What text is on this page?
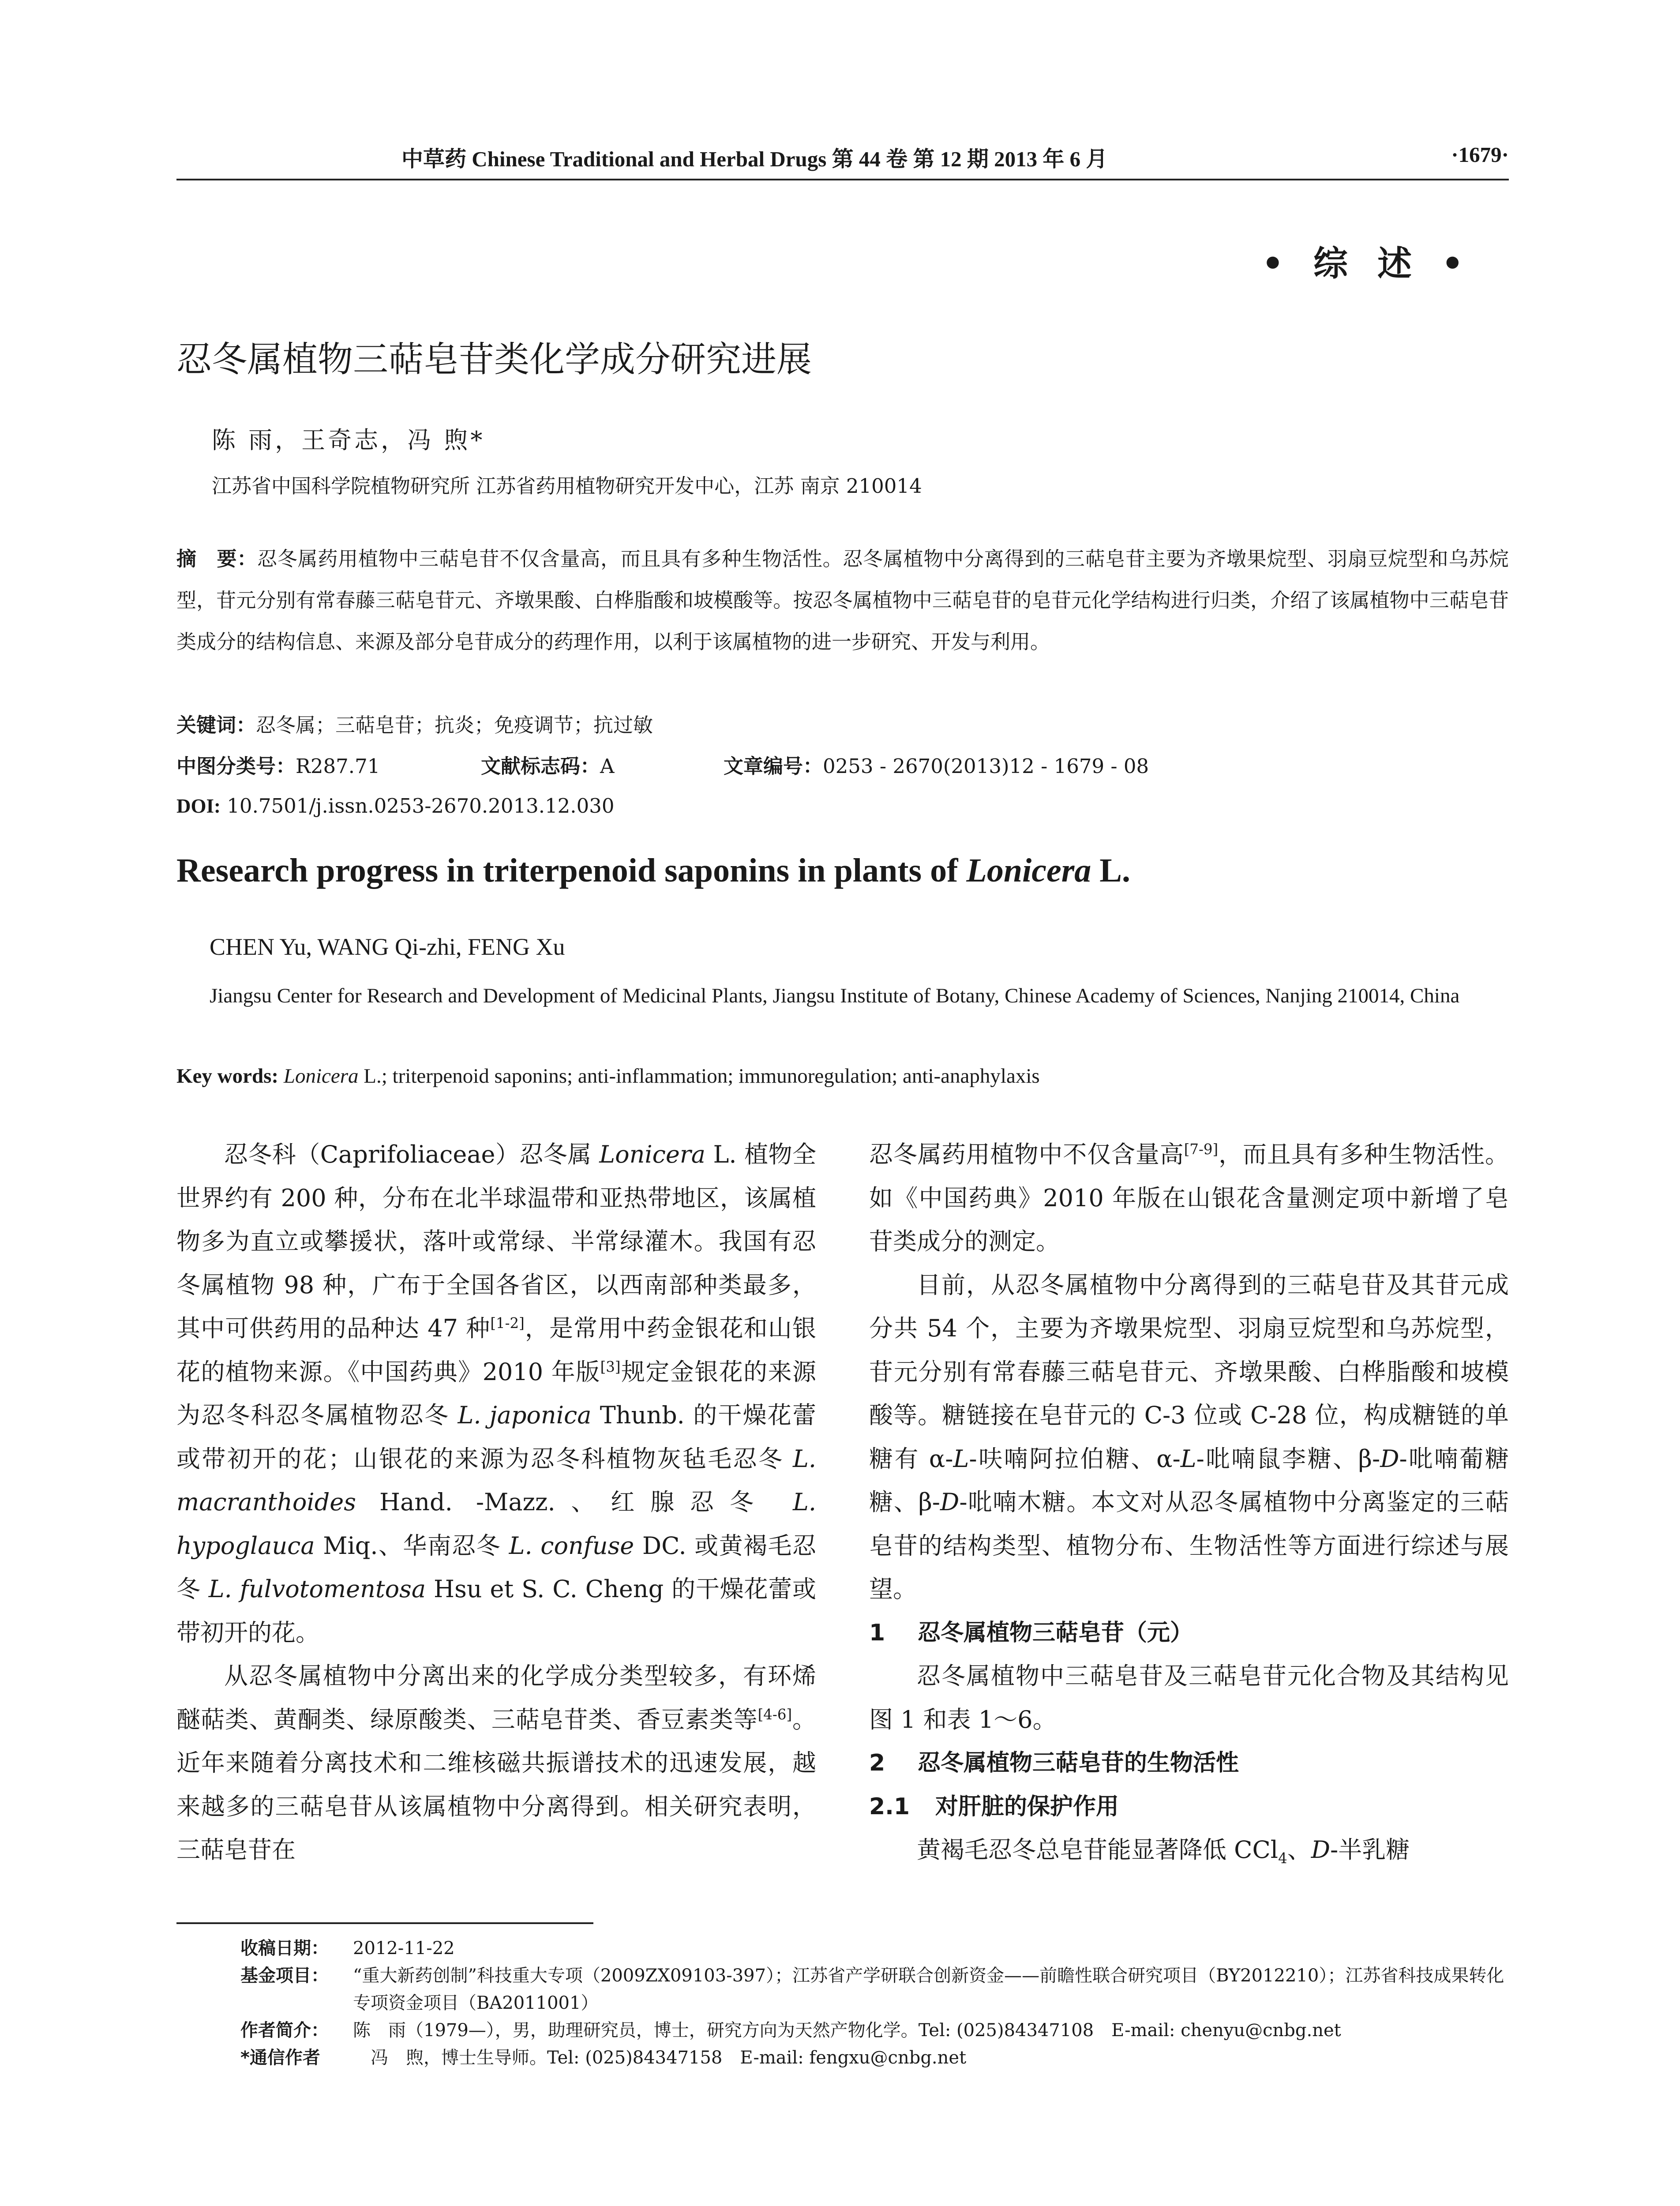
中草药 Chinese Traditional and Herbal Drugs 第 44 卷 第 12 期 2013 年 6 月	·1679·
• 综 述 •
忍冬属植物三萜皂苷类化学成分研究进展
陈 雨，王奇志，冯 煦*
江苏省中国科学院植物研究所 江苏省药用植物研究开发中心，江苏 南京 210014
摘　要：忍冬属药用植物中三萜皂苷不仅含量高，而且具有多种生物活性。忍冬属植物中分离得到的三萜皂苷主要为齐墩果烷型、羽扇豆烷型和乌苏烷型，苷元分别有常春藤三萜皂苷元、齐墩果酸、白桦脂酸和坡模酸等。按忍冬属植物中三萜皂苷的皂苷元化学结构进行归类，介绍了该属植物中三萜皂苷类成分的结构信息、来源及部分皂苷成分的药理作用，以利于该属植物的进一步研究、开发与利用。
关键词：忍冬属；三萜皂苷；抗炎；免疫调节；抗过敏
中图分类号：R287.71	文献标志码：A	文章编号：0253 - 2670(2013)12 - 1679 - 08
DOI: 10.7501/j.issn.0253-2670.2013.12.030
Research progress in triterpenoid saponins in plants of Lonicera L.
CHEN Yu, WANG Qi-zhi, FENG Xu
Jiangsu Center for Research and Development of Medicinal Plants, Jiangsu Institute of Botany, Chinese Academy of Sciences, Nanjing 210014, China
Key words: Lonicera L.; triterpenoid saponins; anti-inflammation; immunoregulation; anti-anaphylaxis

忍冬科（Caprifoliaceae）忍冬属 Lonicera L. 植物全世界约有 200 种，分布在北半球温带和亚热带地区，该属植物多为直立或攀援状，落叶或常绿、半常绿灌木。我国有忍冬属植物 98 种，广布于全国各省区，以西南部种类最多，其中可供药用的品种达 47 种[1-2]，是常用中药金银花和山银花的植物来源。《中国药典》2010 年版[3]规定金银花的来源为忍冬科忍冬属植物忍冬 L. japonica Thunb. 的干燥花蕾或带初开的花；山银花的来源为忍冬科植物灰毡毛忍冬 L. macranthoides Hand. -Mazz.、红腺忍冬 L. hypoglauca Miq.、华南忍冬 L. confuse DC. 或黄褐毛忍冬 L. fulvotomentosa Hsu et S. C. Cheng 的干燥花蕾或带初开的花。

从忍冬属植物中分离出来的化学成分类型较多，有环烯醚萜类、黄酮类、绿原酸类、三萜皂苷类、香豆素类等[4-6]。近年来随着分离技术和二维核磁共振谱技术的迅速发展，越来越多的三萜皂苷从该属植物中分离得到。相关研究表明，三萜皂苷在

忍冬属药用植物中不仅含量高[7-9]，而且具有多种生物活性。如《中国药典》2010 年版在山银花含量测定项中新增了皂苷类成分的测定。

目前，从忍冬属植物中分离得到的三萜皂苷及其苷元成分共 54 个，主要为齐墩果烷型、羽扇豆烷型和乌苏烷型，苷元分别有常春藤三萜皂苷元、齐墩果酸、白桦脂酸和坡模酸等。糖链接在皂苷元的 C-3 位或 C-28 位，构成糖链的单糖有 α-L-呋喃阿拉伯糖、α-L-吡喃鼠李糖、β-D-吡喃葡糖糖、β-D-吡喃木糖。本文对从忍冬属植物中分离鉴定的三萜皂苷的结构类型、植物分布、生物活性等方面进行综述与展望。

1 忍冬属植物三萜皂苷（元）

忍冬属植物中三萜皂苷及三萜皂苷元化合物及其结构见图 1 和表 1～6。

2 忍冬属植物三萜皂苷的生物活性
2.1 对肝脏的保护作用

黄褐毛忍冬总皂苷能显著降低 CCl$_4$、D-半乳糖

收稿日期： 2012-11-22
基金项目： “重大新药创制”科技重大专项（2009ZX09103-397）；江苏省产学研联合创新资金——前瞻性联合研究项目（BY2012210）；江苏省科技成果转化专项资金项目（BA2011001）
作者简介： 陈　雨（1979—），男，助理研究员，博士，研究方向为天然产物化学。Tel: (025)84347108　E-mail: chenyu@cnbg.net
*通信作者 　冯　煦，博士生导师。Tel: (025)84347158　E-mail: fengxu@cnbg.net
